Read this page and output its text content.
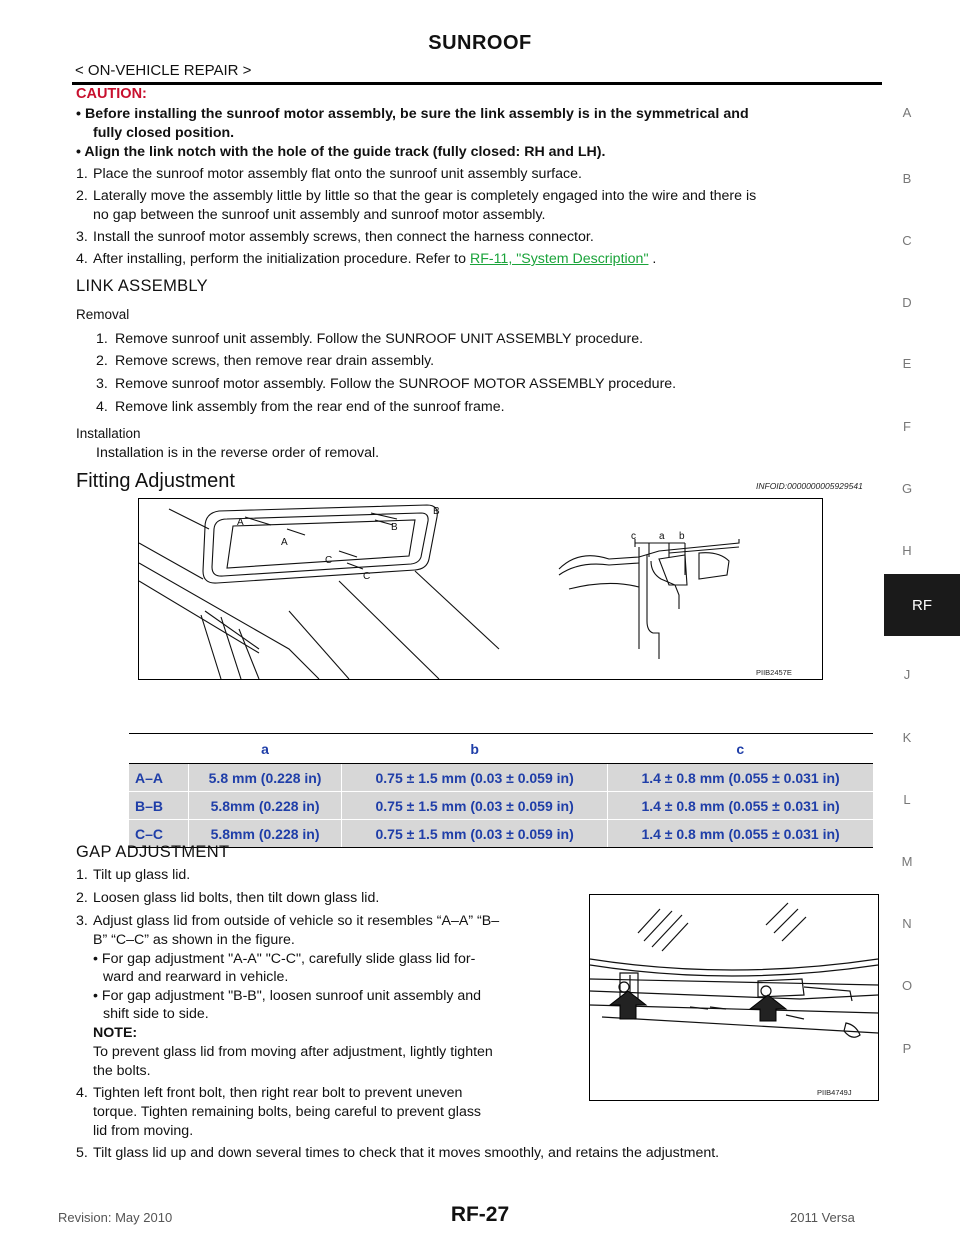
SUNROOF
< ON-VEHICLE REPAIR >
A
B
C
D
E
F
G
H
RF
J
K
L
M
N
O
P
CAUTION:
• Before installing the sunroof motor assembly, be sure the link assembly is in the symmetrical and
fully closed position.
• Align the link notch with the hole of the guide track (fully closed: RH and LH).
1. Place the sunroof motor assembly flat onto the sunroof unit assembly surface.
2. Laterally move the assembly little by little so that the gear is completely engaged into the wire and there is
no gap between the sunroof unit assembly and sunroof motor assembly.
3. Install the sunroof motor assembly screws, then connect the harness connector.
4. After installing, perform the initialization procedure. Refer to RF-11, "System Description" .
LINK ASSEMBLY
Removal
1. Remove sunroof unit assembly. Follow the SUNROOF UNIT ASSEMBLY procedure.
2. Remove screws, then remove rear drain assembly.
3. Remove sunroof motor assembly. Follow the SUNROOF MOTOR ASSEMBLY procedure.
4. Remove link assembly from the rear end of the sunroof frame.
Installation
Installation is in the reverse order of removal.
Fitting Adjustment	INFOID:0000000005929541
A
A
B
B
C
C
c a b
PIIB2457E
	a	b	c
A–A	5.8 mm (0.228 in)	0.75 ± 1.5 mm (0.03 ± 0.059 in)	1.4 ± 0.8 mm (0.055 ± 0.031 in)
B–B	5.8mm (0.228 in)	0.75 ± 1.5 mm (0.03 ± 0.059 in)	1.4 ± 0.8 mm (0.055 ± 0.031 in)
C–C	5.8mm (0.228 in)	0.75 ± 1.5 mm (0.03 ± 0.059 in)	1.4 ± 0.8 mm (0.055 ± 0.031 in)
GAP ADJUSTMENT
1. Tilt up glass lid.
2. Loosen glass lid bolts, then tilt down glass lid.
3. Adjust glass lid from outside of vehicle so it resembles “A–A” “B–
B” “C–C” as shown in the figure.
• For gap adjustment "A-A" "C-C", carefully slide glass lid for-
ward and rearward in vehicle.
• For gap adjustment "B-B", loosen sunroof unit assembly and
shift side to side.
NOTE:
To prevent glass lid from moving after adjustment, lightly tighten
the bolts.
4. Tighten left front bolt, then right rear bolt to prevent uneven
torque. Tighten remaining bolts, being careful to prevent glass
lid from moving.
5. Tilt glass lid up and down several times to check that it moves smoothly, and retains the adjustment.
PIIB4749J
Revision: May 2010	RF-27	2011 Versa
